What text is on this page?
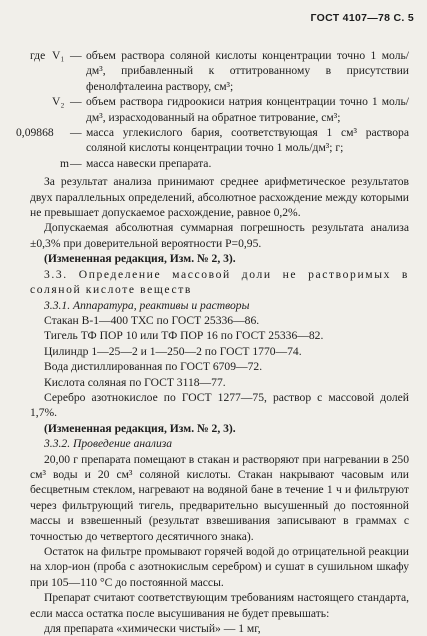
ГОСТ 4107—78 С. 5
где V₁ — объем раствора соляной кислоты концентрации точно 1 моль/дм³, прибавленный к оттитрованному в присутствии фенолфталеина раствору, см³;
V₂ — объем раствора гидроокиси натрия концентрации точно 1 моль/дм³, израсходованный на обратное титрование, см³;
0,09868 — масса углекислого бария, соответствующая 1 см³ раствора соляной кислоты концентрации точно 1 моль/дм³; г;
m — масса навески препарата.
За результат анализа принимают среднее арифметическое результатов двух параллельных определений, абсолютное расхождение между которыми не превышает допускаемое расхождение, равное 0,2%.
Допускаемая абсолютная суммарная погрешность результата анализа ±0,3% при доверительной вероятности P=0,95.
(Измененная редакция, Изм. № 2, 3).
3.3. Определение массовой доли не растворимых в соляной кислоте веществ
3.3.1. Аппаратура, реактивы и растворы
Стакан В-1—400 ТХС по ГОСТ 25336—86.
Тигель ТФ ПОР 10 или ТФ ПОР 16 по ГОСТ 25336—82.
Цилиндр 1—25—2 и 1—250—2 по ГОСТ 1770—74.
Вода дистиллированная по ГОСТ 6709—72.
Кислота соляная по ГОСТ 3118—77.
Серебро азотнокислое по ГОСТ 1277—75, раствор с массовой долей 1,7%.
(Измененная редакция, Изм. № 2, 3).
3.3.2. Проведение анализа
20,00 г препарата помещают в стакан и растворяют при нагревании в 250 см³ воды и 20 см³ соляной кислоты. Стакан накрывают часовым или бесцветным стеклом, нагревают на водяной бане в течение 1 ч и фильтруют через фильтрующий тигель, предварительно высушенный до постоянной массы и взвешенный (результат взвешивания записывают в граммах с точностью до четвертого десятичного знака).
Остаток на фильтре промывают горячей водой до отрицательной реакции на хлор-ион (проба с азотнокислым серебром) и сушат в сушильном шкафу при 105—110 °C до постоянной массы.
Препарат считают соответствующим требованиям настоящего стандарта, если масса остатка после высушивания не будет превышать:
для препарата «химически чистый» — 1 мг,
